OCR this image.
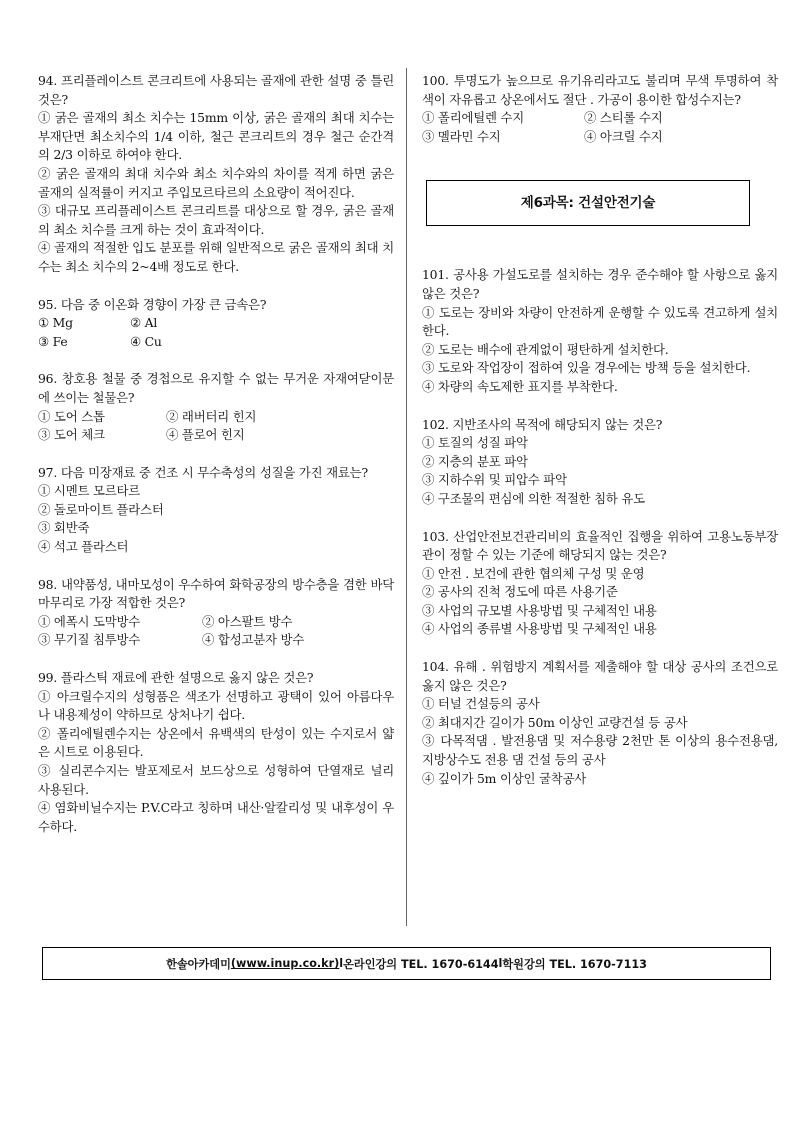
94. 프리플레이스트 콘크리트에 사용되는 골재에 관한 설명 중 틀린 것은?

① 굵은 골재의 최소 치수는 15mm 이상, 굵은 골재의 최대 치수는 부재단면 최소치수의 1/4 이하, 철근 콘크리트의 경우 철근 순간격의 2/3 이하로 하여야 한다.

② 굵은 골재의 최대 치수와 최소 치수와의 차이를 적게 하면 굵은 골재의 실적률이 커지고 주입모르타르의 소요량이 적어진다.

③ 대규모 프리플레이스트 콘크리트를 대상으로 할 경우, 굵은 골재의 최소 치수를 크게 하는 것이 효과적이다.

④ 골재의 적절한 입도 분포를 위해 일반적으로 굵은 골재의 최대 치수는 최소 치수의 2~4배 정도로 한다.

95. 다음 중 이온화 경향이 가장 큰 금속은?

① Mg	② Al
③ Fe	④ Cu

96. 창호용 철물 중 경첩으로 유지할 수 없는 무거운 자재여닫이문에 쓰이는 철물은?

① 도어 스톱	② 래버터리 힌지
③ 도어 체크	④ 플로어 힌지

97. 다음 미장재료 중 건조 시 무수축성의 성질을 가진 재료는?

① 시멘트 모르타르

② 돌로마이트 플라스터

③ 회반죽

④ 석고 플라스터

98. 내약품성, 내마모성이 우수하여 화학공장의 방수층을 겸한 바닥 마무리로 가장 적합한 것은?

① 에폭시 도막방수	② 아스팔트 방수
③ 무기질 침투방수	④ 합성고분자 방수

99. 플라스틱 재료에 관한 설명으로 옳지 않은 것은?

① 아크릴수지의 성형품은 색조가 선명하고 광택이 있어 아름다우나 내용제성이 약하므로 상처나기 쉽다.

② 폴리에틸렌수지는 상온에서 유백색의 탄성이 있는 수지로서 얇은 시트로 이용된다.

③ 실리콘수지는 발포제로서 보드상으로 성형하여 단열재로 널리 사용된다.

④ 염화비닐수지는 P.V.C라고 칭하며 내산·알칼리성 및 내후성이 우수하다.

100. 투명도가 높으므로 유기유리라고도 불리며 무색 투명하여 착색이 자유롭고 상온에서도 절단 . 가공이 용이한 합성수지는?

① 폴리에틸렌 수지	② 스티롤 수지
③ 멜라민 수지	④ 아크릴 수지
제6과목: 건설안전기술

101. 공사용 가설도로를 설치하는 경우 준수해야 할 사항으로 옳지 않은 것은?

① 도로는 장비와 차량이 안전하게 운행할 수 있도록 견고하게 설치한다.

② 도로는 배수에 관계없이 평탄하게 설치한다.

③ 도로와 작업장이 접하여 있을 경우에는 방책 등을 설치한다.

④ 차량의 속도제한 표지를 부착한다.

102. 지반조사의 목적에 해당되지 않는 것은?

① 토질의 성질 파악

② 지층의 분포 파악

③ 지하수위 및 피압수 파악

④ 구조물의 편심에 의한 적절한 침하 유도

103. 산업안전보건관리비의 효율적인 집행을 위하여 고용노동부장관이 정할 수 있는 기준에 해당되지 않는 것은?

① 안전 . 보건에 관한 협의체 구성 및 운영

② 공사의 진척 정도에 따른 사용기준

③ 사업의 규모별 사용방법 및 구체적인 내용

④ 사업의 종류별 사용방법 및 구체적인 내용

104. 유해 . 위험방지 계획서를 제출해야 할 대상 공사의 조건으로 옳지 않은 것은?

① 터널 건설등의 공사

② 최대지간 길이가 50m 이상인 교량건설 등 공사

③ 다목적댐 . 발전용댐 및 저수용량 2천만 톤 이상의 용수전용댐, 지방상수도 전용 댐 건설 등의 공사

④ 깊이가 5m 이상인 굴착공사

한솔아카데미 (www.inup.co.kr) l 온라인강의 TEL. 1670-6144 l 학원강의 TEL. 1670-7113
